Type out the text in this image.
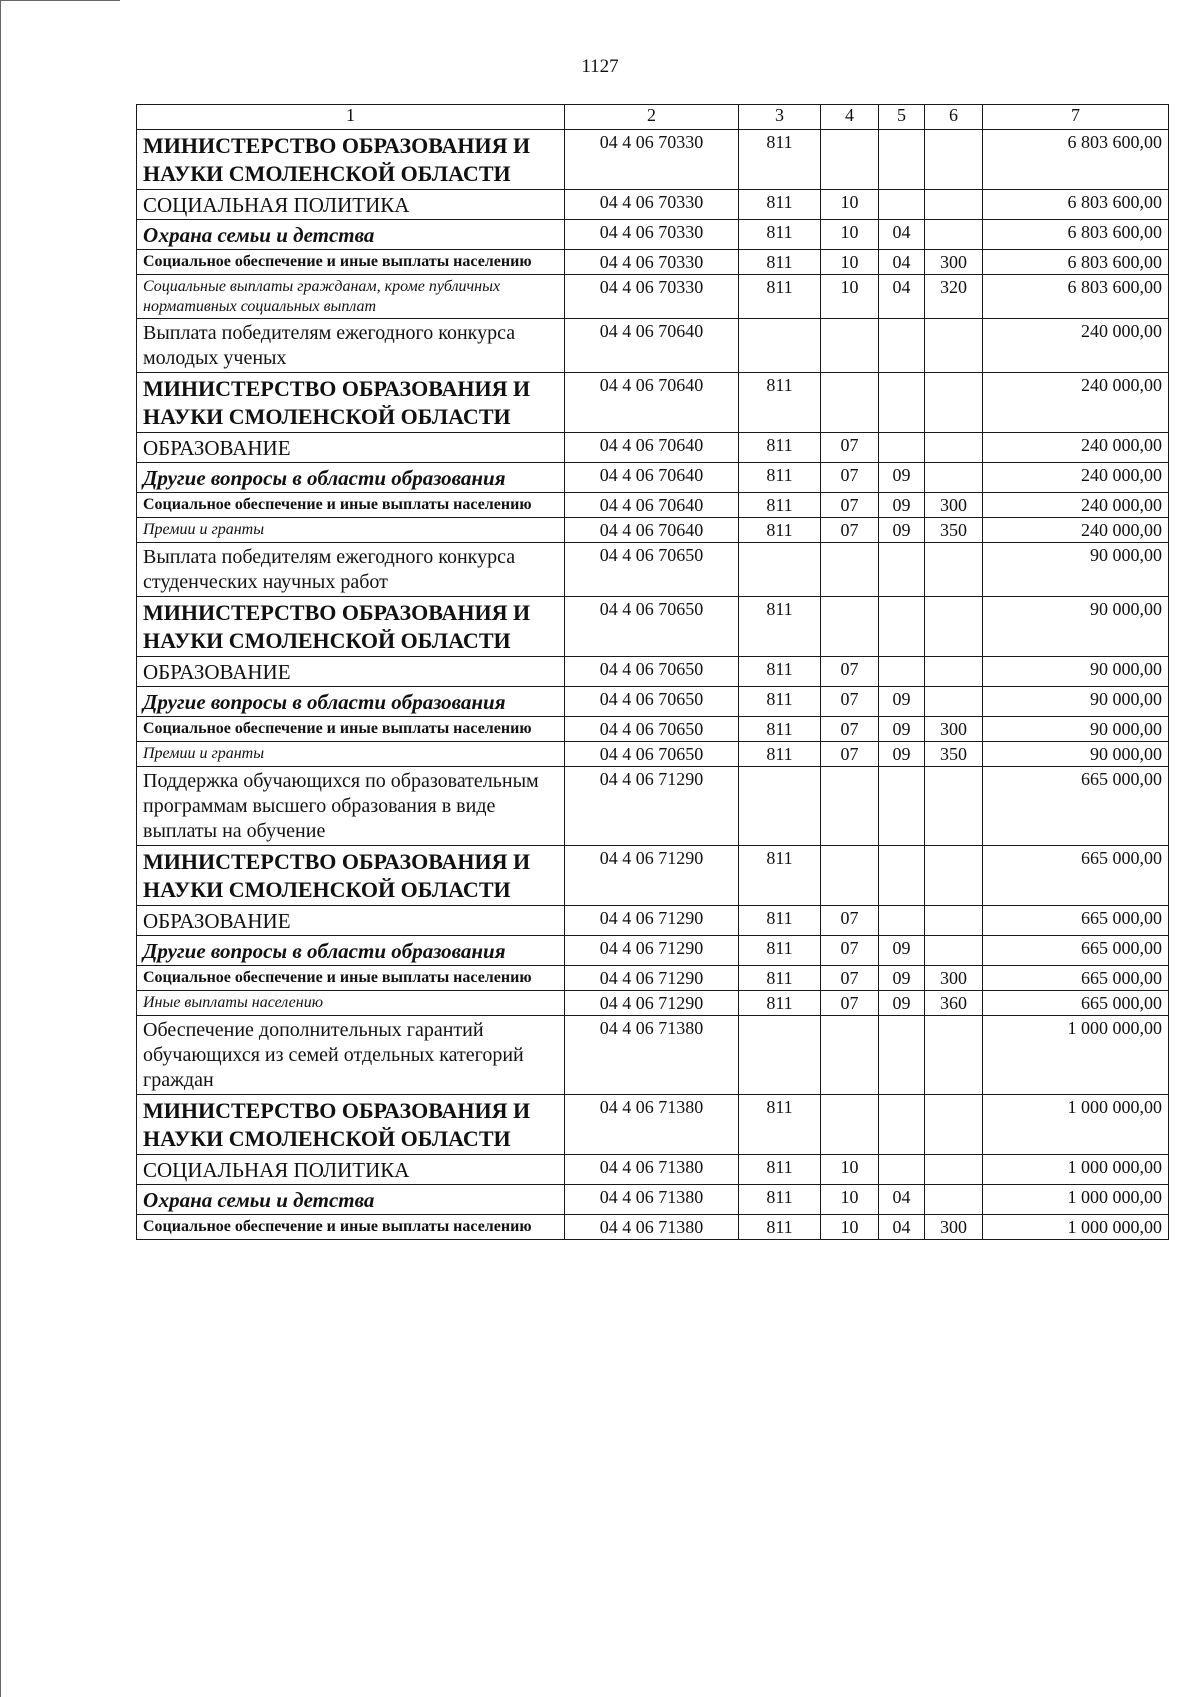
1127
1	2	3	4	5	6	7
МИНИСТЕРСТВО ОБРАЗОВАНИЯ И НАУКИ СМОЛЕНСКОЙ ОБЛАСТИ	04 4 06 70330	811				6 803 600,00
СОЦИАЛЬНАЯ ПОЛИТИКА	04 4 06 70330	811	10			6 803 600,00
Охрана семьи и детства	04 4 06 70330	811	10	04		6 803 600,00
Социальное обеспечение и иные выплаты населению	04 4 06 70330	811	10	04	300	6 803 600,00
Социальные выплаты гражданам, кроме публичных нормативных социальных выплат	04 4 06 70330	811	10	04	320	6 803 600,00
Выплата победителям ежегодного конкурса молодых ученых	04 4 06 70640					240 000,00
МИНИСТЕРСТВО ОБРАЗОВАНИЯ И НАУКИ СМОЛЕНСКОЙ ОБЛАСТИ	04 4 06 70640	811				240 000,00
ОБРАЗОВАНИЕ	04 4 06 70640	811	07			240 000,00
Другие вопросы в области образования	04 4 06 70640	811	07	09		240 000,00
Социальное обеспечение и иные выплаты населению	04 4 06 70640	811	07	09	300	240 000,00
Премии и гранты	04 4 06 70640	811	07	09	350	240 000,00
Выплата победителям ежегодного конкурса студенческих научных работ	04 4 06 70650					90 000,00
МИНИСТЕРСТВО ОБРАЗОВАНИЯ И НАУКИ СМОЛЕНСКОЙ ОБЛАСТИ	04 4 06 70650	811				90 000,00
ОБРАЗОВАНИЕ	04 4 06 70650	811	07			90 000,00
Другие вопросы в области образования	04 4 06 70650	811	07	09		90 000,00
Социальное обеспечение и иные выплаты населению	04 4 06 70650	811	07	09	300	90 000,00
Премии и гранты	04 4 06 70650	811	07	09	350	90 000,00
Поддержка обучающихся по образовательным программам высшего образования в виде выплаты на обучение	04 4 06 71290					665 000,00
МИНИСТЕРСТВО ОБРАЗОВАНИЯ И НАУКИ СМОЛЕНСКОЙ ОБЛАСТИ	04 4 06 71290	811				665 000,00
ОБРАЗОВАНИЕ	04 4 06 71290	811	07			665 000,00
Другие вопросы в области образования	04 4 06 71290	811	07	09		665 000,00
Социальное обеспечение и иные выплаты населению	04 4 06 71290	811	07	09	300	665 000,00
Иные выплаты населению	04 4 06 71290	811	07	09	360	665 000,00
Обеспечение дополнительных гарантий обучающихся из семей отдельных категорий граждан	04 4 06 71380					1 000 000,00
МИНИСТЕРСТВО ОБРАЗОВАНИЯ И НАУКИ СМОЛЕНСКОЙ ОБЛАСТИ	04 4 06 71380	811				1 000 000,00
СОЦИАЛЬНАЯ ПОЛИТИКА	04 4 06 71380	811	10			1 000 000,00
Охрана семьи и детства	04 4 06 71380	811	10	04		1 000 000,00
Социальное обеспечение и иные выплаты населению	04 4 06 71380	811	10	04	300	1 000 000,00
